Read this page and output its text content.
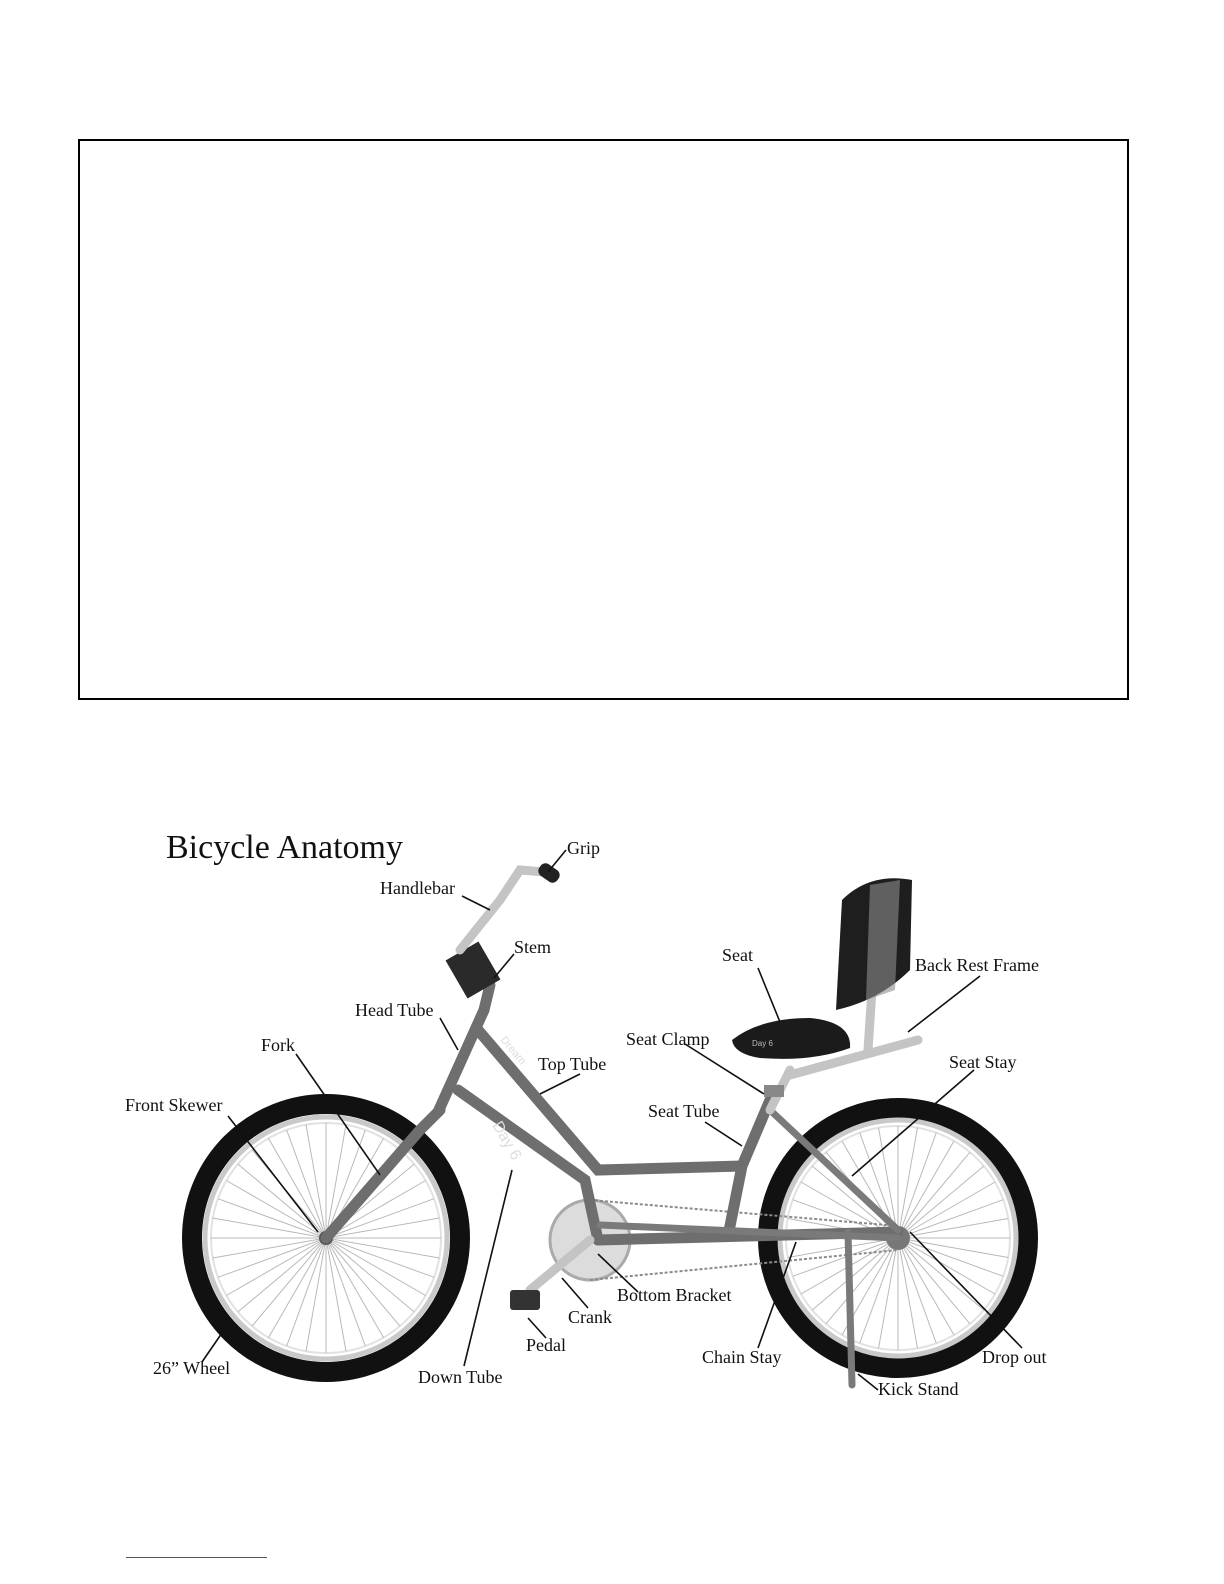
Bicycle Anatomy
Day 6
Dream
Day 6
Grip
Handlebar
Stem	Seat	Back Rest Frame
Head Tube
Seat Clamp
Fork
Top Tube	Seat Stay
Front Skewer	Seat Tube
Bottom Bracket
Crank
Pedal
Chain Stay	Drop out
26” Wheel	Down Tube
Kick Stand
